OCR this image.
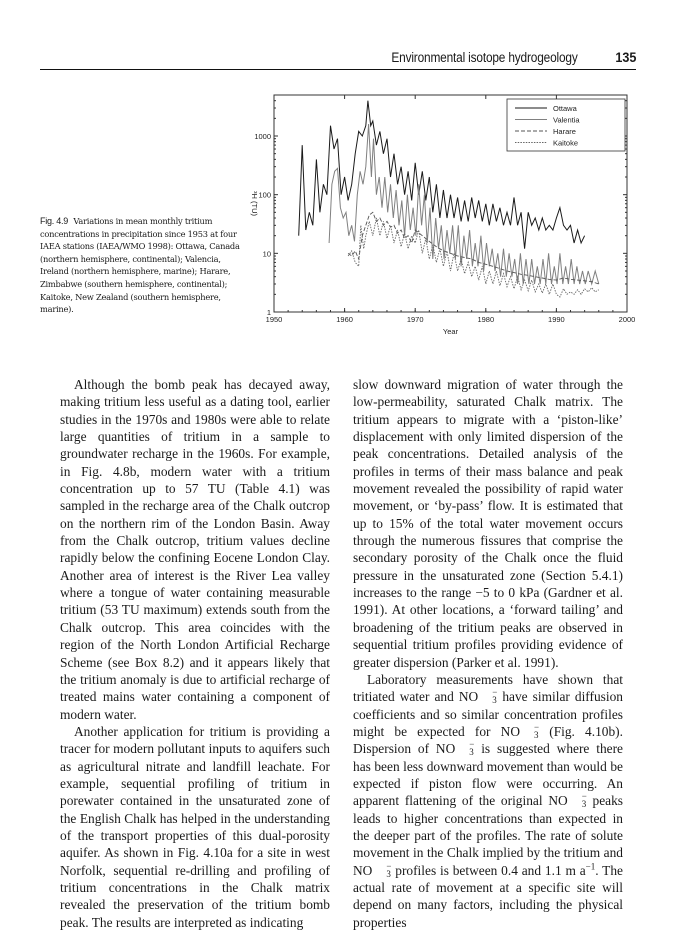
Environmental isotope hydrogeology	135
Fig. 4.9 Variations in mean monthly tritium concentrations in precipitation since 1953 at four IAEA stations (IAEA/WMO 1998): Ottawa, Canada (northern hemisphere, continental); Valencia, Ireland (northern hemisphere, marine); Harare, Zimbabwe (southern hemisphere, continental); Kaitoke, New Zealand (southern hemisphere, marine).
1950	1960	1970	1980	1990	2000
1
10
100
1000
Year
³H (TU)
Ottawa
Valentia
Harare
Kaitoke

Although the bomb peak has decayed away, making tritium less useful as a dating tool, earlier studies in the 1970s and 1980s were able to relate large quantities of tritium in a sample to groundwater recharge in the 1960s. For example, in Fig. 4.8b, modern water with a tritium concentration up to 57 TU (Table 4.1) was sampled in the recharge area of the Chalk outcrop on the northern rim of the London Basin. Away from the Chalk outcrop, tritium values decline rapidly below the confining Eocene London Clay. Another area of interest is the River Lea valley where a tongue of water containing measurable tritium (53 TU maximum) extends south from the Chalk outcrop. This area coincides with the region of the North London Artificial Recharge Scheme (see Box 8.2) and it appears likely that the tritium anomaly is due to artificial recharge of treated mains water containing a component of modern water.

Another application for tritium is providing a tracer for modern pollutant inputs to aquifers such as agricultural nitrate and landfill leachate. For example, sequential profiling of tritium in porewater contained in the unsaturated zone of the English Chalk has helped in the understanding of the transport properties of this dual-porosity aquifer. As shown in Fig. 4.10a for a site in west Norfolk, sequential re-drilling and profiling of tritium concentrations in the Chalk matrix revealed the preservation of the tritium bomb peak. The results are interpreted as indicating

slow downward migration of water through the low-permeability, saturated Chalk matrix. The tritium appears to migrate with a ‘piston-like’ displacement with only limited dispersion of the peak concentrations. Detailed analysis of the profiles in terms of their mass balance and peak movement revealed the possibility of rapid water movement, or ‘by-pass’ flow. It is estimated that up to 15% of the total water movement occurs through the numerous fissures that comprise the secondary porosity of the Chalk once the fluid pressure in the unsaturated zone (Section 5.4.1) increases to the range −5 to 0 kPa (Gardner et al. 1991). At other locations, a ‘forward tailing’ and broadening of the tritium peaks are observed in sequential tritium profiles providing evidence of greater dispersion (Parker et al. 1991).

Laboratory measurements have shown that tritiated water and NO	−
3 have similar diffusion coefficients and so similar concentration profiles might be expected for NO	−
3 (Fig. 4.10b). Dispersion of NO	−
3 is suggested where there has been less downward movement than would be expected if piston flow were occurring. An apparent flattening of the original NO	−
3 peaks leads to higher concentrations than expected in the deeper part of the profiles. The rate of solute movement in the Chalk implied by the tritium and NO	−
3 profiles is between 0.4 and 1.1 m $a^{-1}$. The actual rate of movement at a specific site will depend on many factors, including the physical properties
